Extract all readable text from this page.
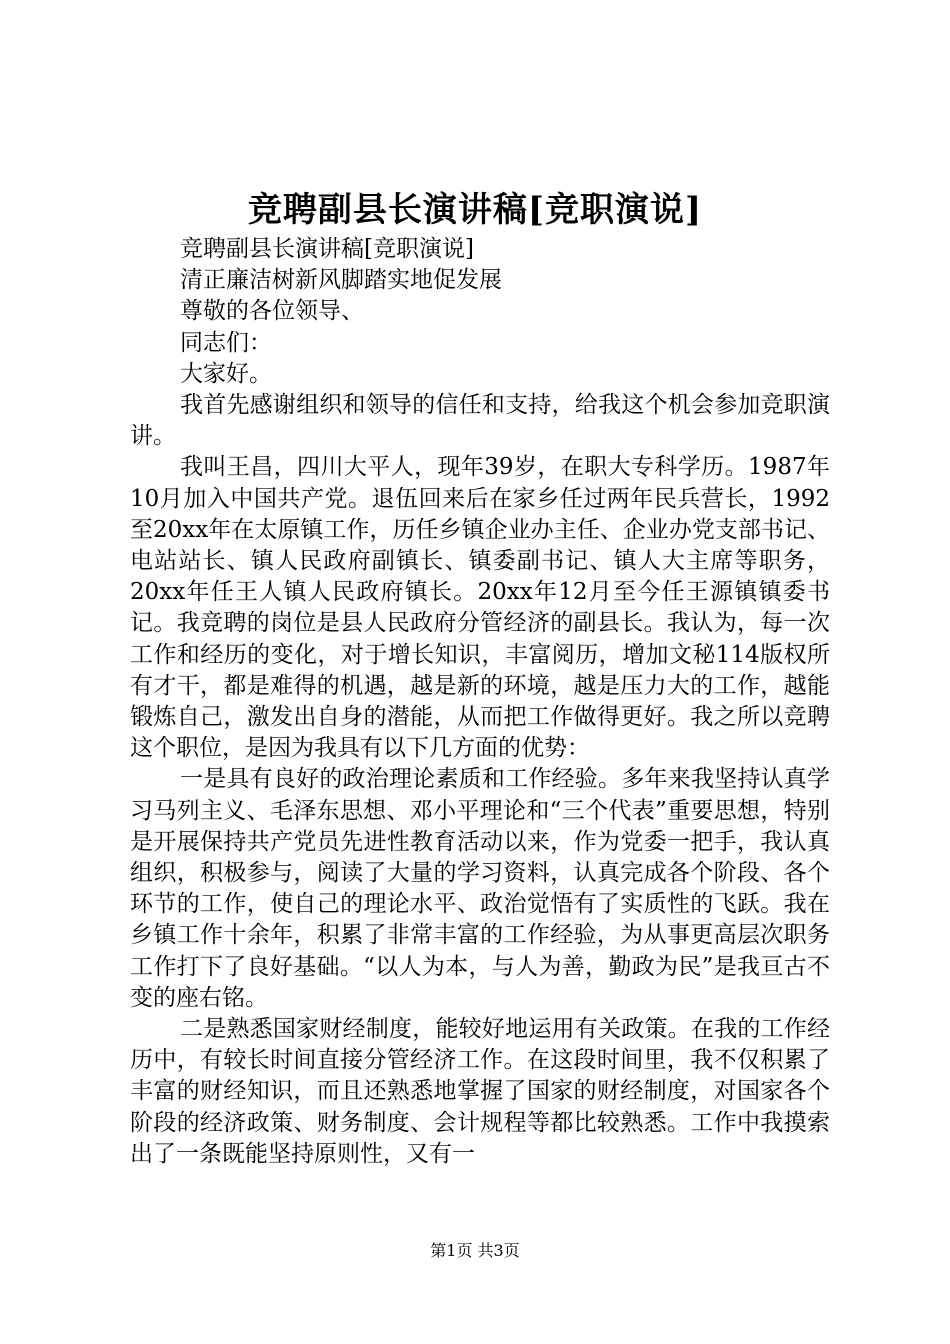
竞聘副县长演讲稿[竞职演说]

竞聘副县长演讲稿[竞职演说]

清正廉洁树新风脚踏实地促发展

尊敬的各位领导、

同志们：

大家好。

我首先感谢组织和领导的信任和支持，给我这个机会参加竞职演讲。

我叫王昌，四川大平人，现年39岁，在职大专科学历。1987年10月加入中国共产党。退伍回来后在家乡任过两年民兵营长，1992至20xx年在太原镇工作，历任乡镇企业办主任、企业办党支部书记、电站站长、镇人民政府副镇长、镇委副书记、镇人大主席等职务，20xx年任王人镇人民政府镇长。20xx年12月至今任王源镇镇委书记。我竞聘的岗位是县人民政府分管经济的副县长。我认为，每一次工作和经历的变化，对于增长知识，丰富阅历，增加文秘114版权所有才干，都是难得的机遇，越是新的环境，越是压力大的工作，越能锻炼自己，激发出自身的潜能，从而把工作做得更好。我之所以竞聘这个职位，是因为我具有以下几方面的优势：

一是具有良好的政治理论素质和工作经验。多年来我坚持认真学习马列主义、毛泽东思想、邓小平理论和“三个代表”重要思想，特别是开展保持共产党员先进性教育活动以来，作为党委一把手，我认真组织，积极参与，阅读了大量的学习资料，认真完成各个阶段、各个环节的工作，使自己的理论水平、政治觉悟有了实质性的飞跃。我在乡镇工作十余年，积累了非常丰富的工作经验，为从事更高层次职务工作打下了良好基础。“以人为本，与人为善，勤政为民”是我亘古不变的座右铭。

二是熟悉国家财经制度，能较好地运用有关政策。在我的工作经历中，有较长时间直接分管经济工作。在这段时间里，我不仅积累了丰富的财经知识，而且还熟悉地掌握了国家的财经制度，对国家各个阶段的经济政策、财务制度、会计规程等都比较熟悉。工作中我摸索出了一条既能坚持原则性，又有一

第1页 共3页
